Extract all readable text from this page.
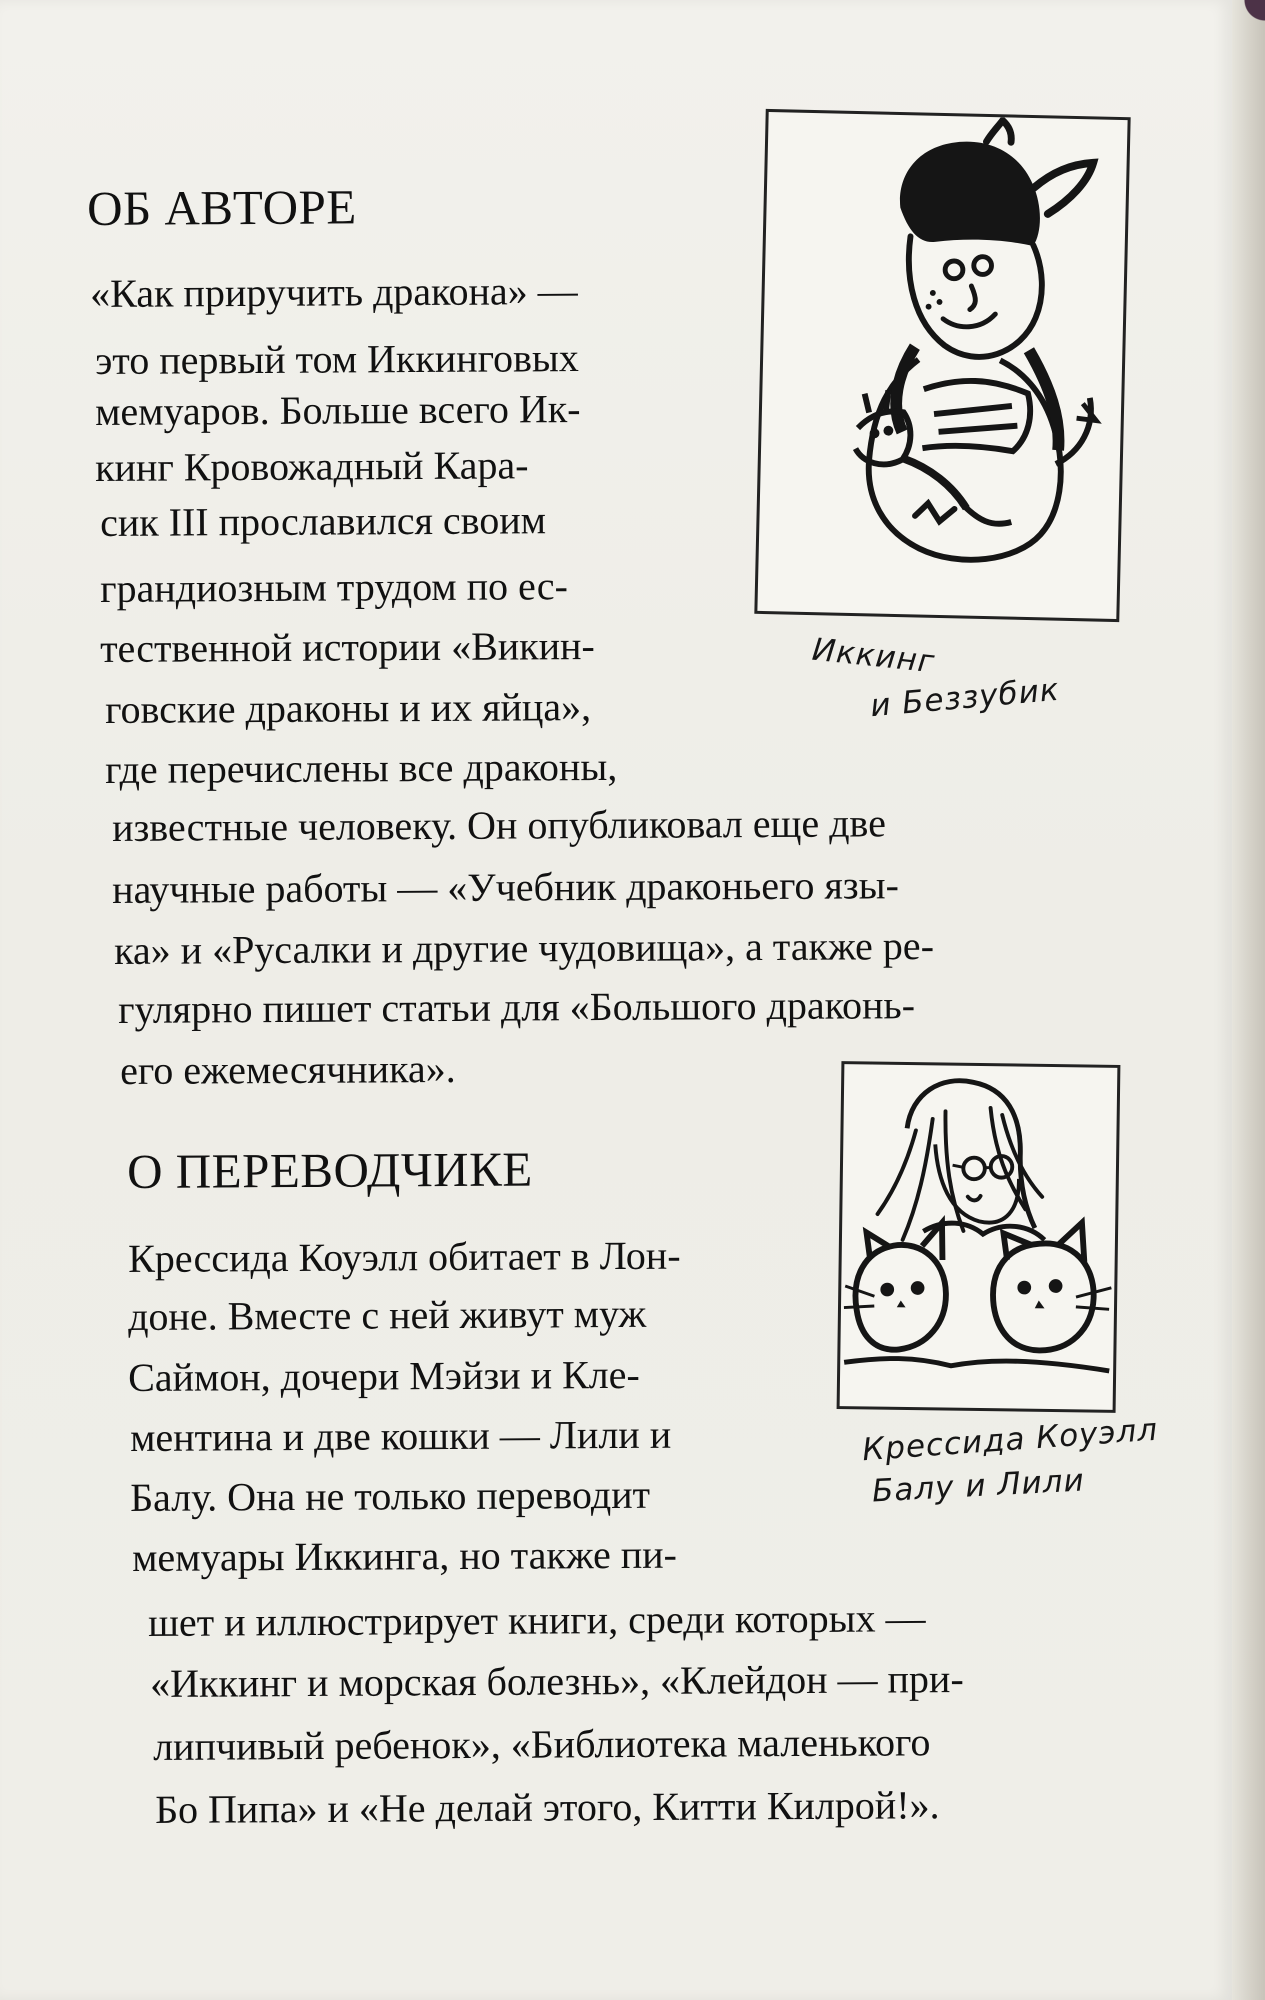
ОБ АВТОРЕ
«Как приручить дракона» —
это первый том Иккинговых
мемуаров. Больше всего Ик-
кинг Кровожадный Кара-
сик III прославился своим
грандиозным трудом по ес-
тественной истории «Викин-
говские драконы и их яйца»,
где перечислены все драконы,
известные человеку. Он опубликовал еще две
научные работы — «Учебник драконьего язы-
ка» и «Русалки и другие чудовища», а также ре-
гулярно пишет статьи для «Большого драконь-
его ежемесячника».
Иккинг
и Беззубик
О ПЕРЕВОДЧИКЕ
Крессида Коуэлл обитает в Лон-
доне. Вместе с ней живут муж
Саймон, дочери Мэйзи и Кле-
ментина и две кошки — Лили и
Балу. Она не только переводит
мемуары Иккинга, но также пи-
шет и иллюстрирует книги, среди которых —
«Иккинг и морская болезнь», «Клейдон — при-
липчивый ребенок», «Библиотека маленького
Бо Пипа» и «Не делай этого, Китти Килрой!».
Крессида Коуэлл
Балу и Лили
